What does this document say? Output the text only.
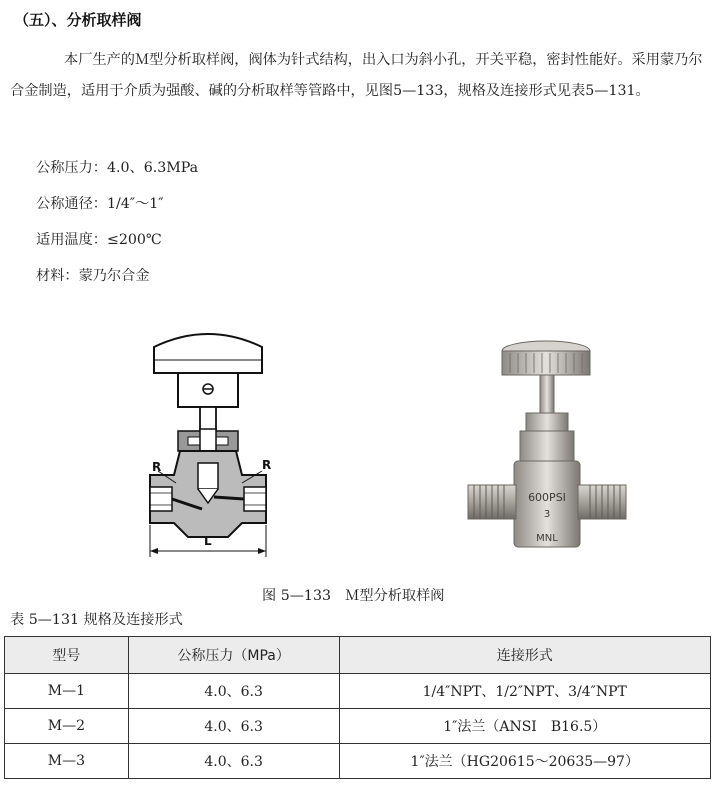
（五）、分析取样阀

本厂生产的Ｍ型分析取样阀，阀体为针式结构，出入口为斜小孔，开关平稳，密封性能好。采用蒙乃尔合金制造，适用于介质为强酸、碱的分析取样等管路中，见图5—133，规格及连接形式见表5—131。

公称压力：4.0、6.3MPa
公称通径：1/4″～1″
适用温度：≤200℃
材料：蒙乃尔合金
R	R
L
600PSI
3
MNL
图 5—133　Ｍ型分析取样阀
表 5—131 规格及连接形式
型号	公称压力（MPa）	连接形式
M—1	4.0、6.3	1/4″NPT、1/2″NPT、3/4″NPT
M—2	4.0、6.3	1″法兰（ANSI　B16.5）
M—3	4.0、6.3	1″法兰（HG20615～20635—97）
